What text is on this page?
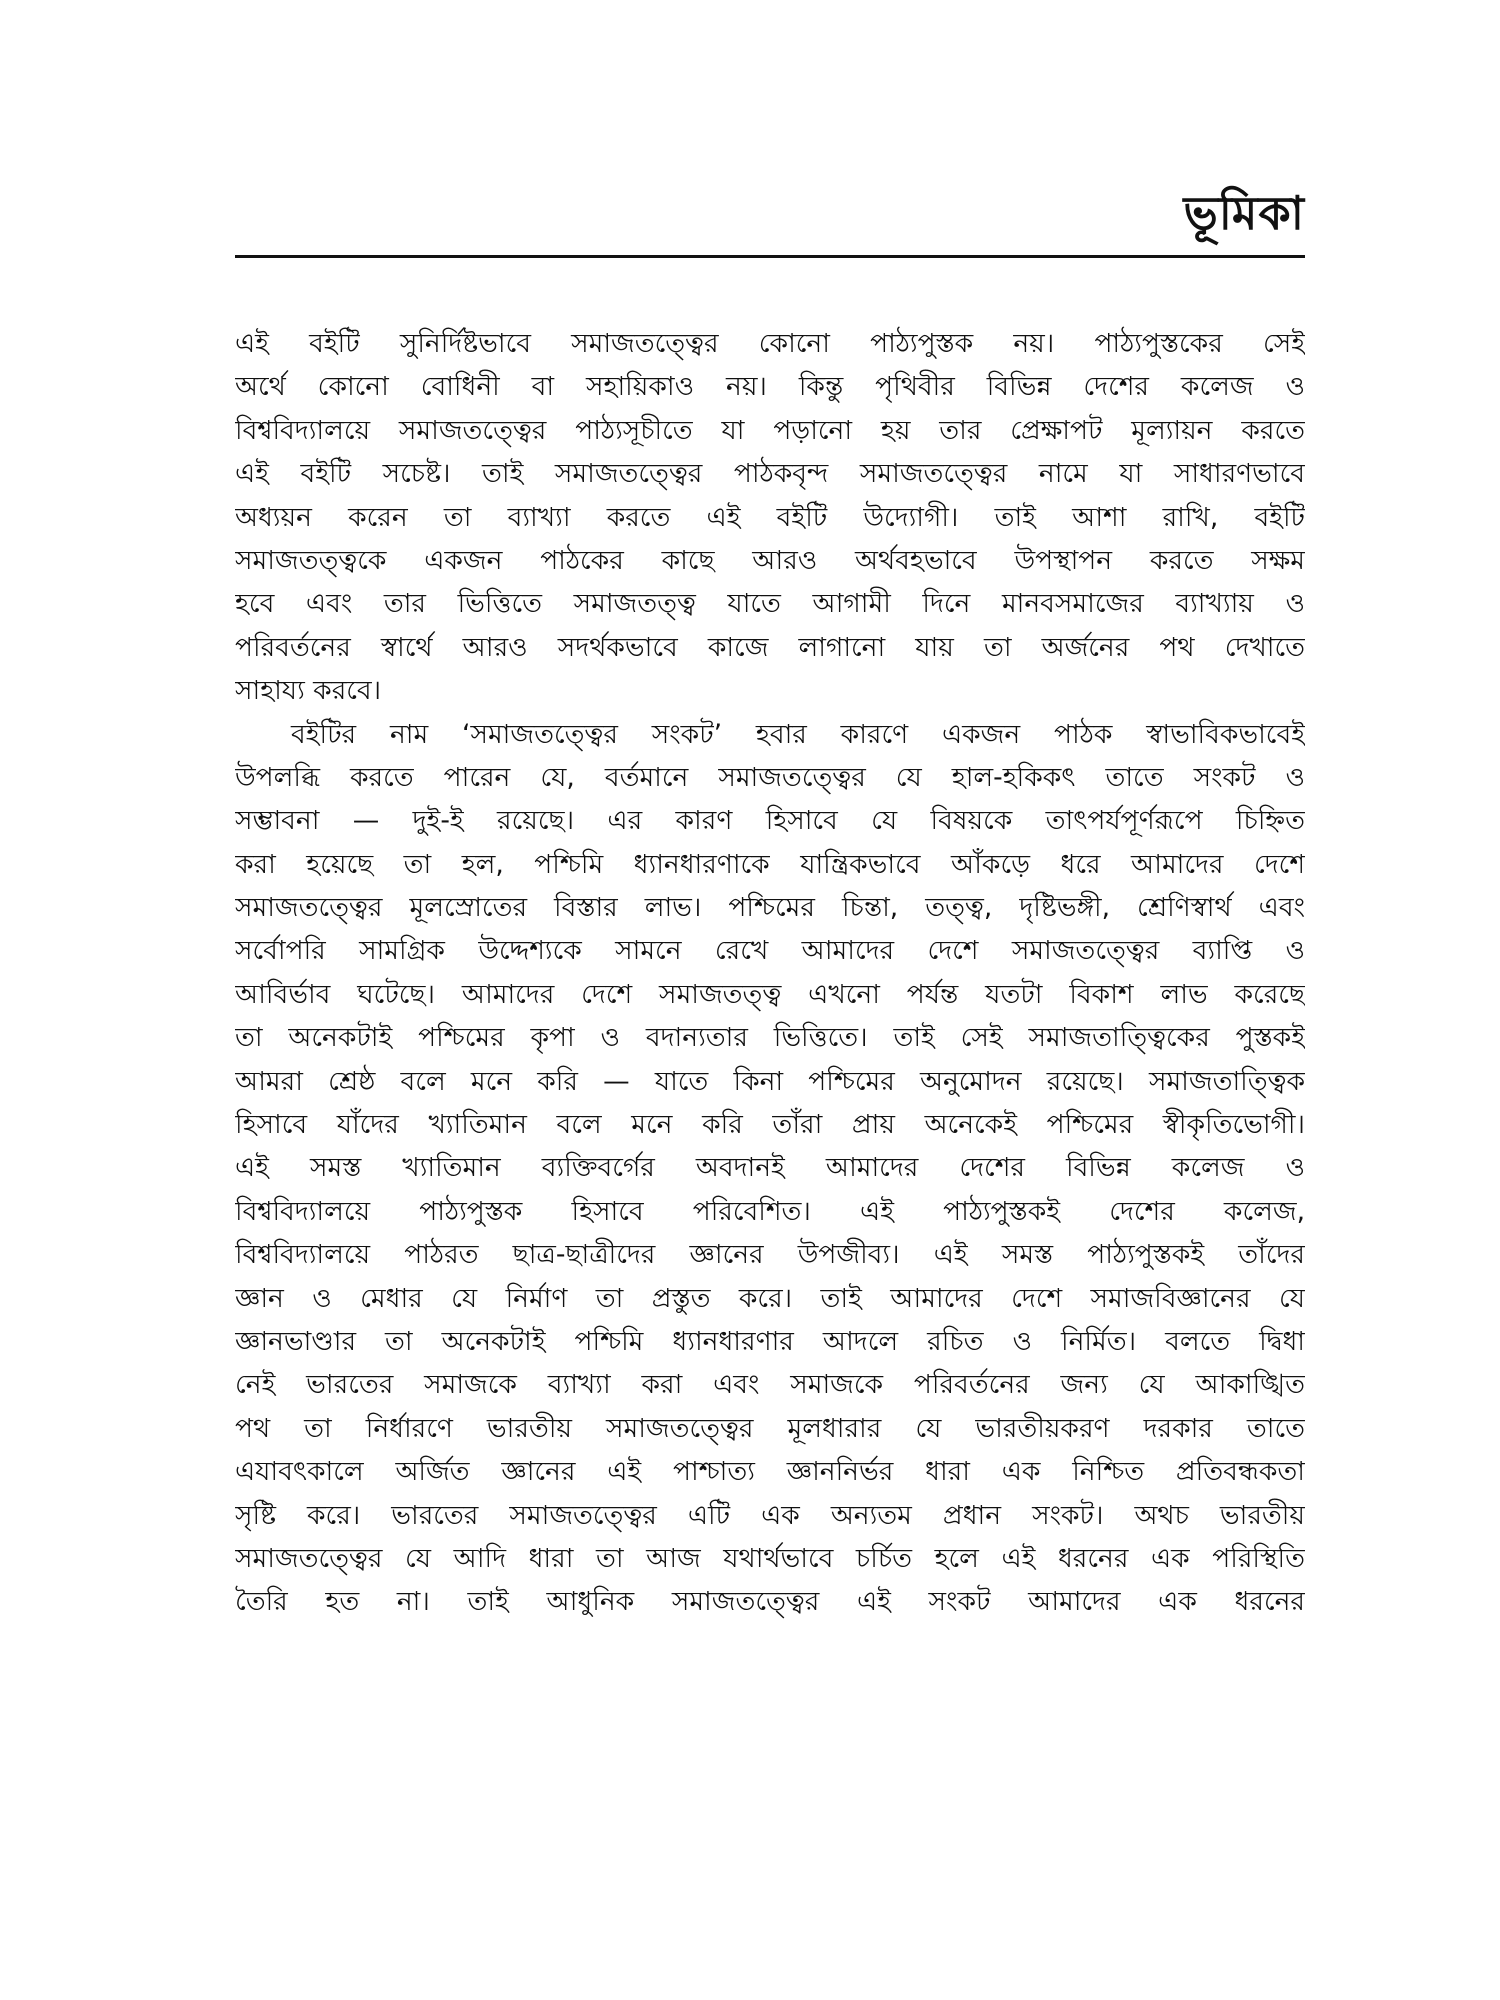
ভূমিকা
এই বইটি সুনির্দিষ্টভাবে সমাজতত্ত্বের কোনো পাঠ্যপুস্তক নয়। পাঠ্যপুস্তকের সেই
অর্থে কোনো বোধিনী বা সহায়িকাও নয়। কিন্তু পৃথিবীর বিভিন্ন দেশের কলেজ ও
বিশ্ববিদ্যালয়ে সমাজতত্ত্বের পাঠ্যসূচীতে যা পড়ানো হয় তার প্রেক্ষাপট মূল্যায়ন করতে
এই বইটি সচেষ্ট। তাই সমাজতত্ত্বের পাঠকবৃন্দ সমাজতত্ত্বের নামে যা সাধারণভাবে
অধ্যয়ন করেন তা ব্যাখ্যা করতে এই বইটি উদ্যোগী। তাই আশা রাখি, বইটি
সমাজতত্ত্বকে একজন পাঠকের কাছে আরও অর্থবহভাবে উপস্থাপন করতে সক্ষম
হবে এবং তার ভিত্তিতে সমাজতত্ত্ব যাতে আগামী দিনে মানবসমাজের ব্যাখ্যায় ও
পরিবর্তনের স্বার্থে আরও সদর্থকভাবে কাজে লাগানো যায় তা অর্জনের পথ দেখাতে
সাহায্য করবে।
বইটির নাম ‘সমাজতত্ত্বের সংকট’ হবার কারণে একজন পাঠক স্বাভাবিকভাবেই
উপলব্ধি করতে পারেন যে, বর্তমানে সমাজতত্ত্বের যে হাল-হকিকৎ তাতে সংকট ও
সম্ভাবনা — দুই-ই রয়েছে। এর কারণ হিসাবে যে বিষয়কে তাৎপর্যপূর্ণরূপে চিহ্নিত
করা হয়েছে তা হল, পশ্চিমি ধ্যানধারণাকে যান্ত্রিকভাবে আঁকড়ে ধরে আমাদের দেশে
সমাজতত্ত্বের মূলস্রোতের বিস্তার লাভ। পশ্চিমের চিন্তা, তত্ত্ব, দৃষ্টিভঙ্গী, শ্রেণিস্বার্থ এবং
সর্বোপরি সামগ্রিক উদ্দেশ্যকে সামনে রেখে আমাদের দেশে সমাজতত্ত্বের ব্যাপ্তি ও
আবির্ভাব ঘটেছে। আমাদের দেশে সমাজতত্ত্ব এখনো পর্যন্ত যতটা বিকাশ লাভ করেছে
তা অনেকটাই পশ্চিমের কৃপা ও বদান্যতার ভিত্তিতে। তাই সেই সমাজতাত্ত্বিকের পুস্তকই
আমরা শ্রেষ্ঠ বলে মনে করি — যাতে কিনা পশ্চিমের অনুমোদন রয়েছে। সমাজতাত্ত্বিক
হিসাবে যাঁদের খ্যাতিমান বলে মনে করি তাঁরা প্রায় অনেকেই পশ্চিমের স্বীকৃতিভোগী।
এই সমস্ত খ্যাতিমান ব্যক্তিবর্গের অবদানই আমাদের দেশের বিভিন্ন কলেজ ও
বিশ্ববিদ্যালয়ে পাঠ্যপুস্তক হিসাবে পরিবেশিত। এই পাঠ্যপুস্তকই দেশের কলেজ,
বিশ্ববিদ্যালয়ে পাঠরত ছাত্র-ছাত্রীদের জ্ঞানের উপজীব্য। এই সমস্ত পাঠ্যপুস্তকই তাঁদের
জ্ঞান ও মেধার যে নির্মাণ তা প্রস্তুত করে। তাই আমাদের দেশে সমাজবিজ্ঞানের যে
জ্ঞানভাণ্ডার তা অনেকটাই পশ্চিমি ধ্যানধারণার আদলে রচিত ও নির্মিত। বলতে দ্বিধা
নেই ভারতের সমাজকে ব্যাখ্যা করা এবং সমাজকে পরিবর্তনের জন্য যে আকাঙ্খিত
পথ তা নির্ধারণে ভারতীয় সমাজতত্ত্বের মূলধারার যে ভারতীয়করণ দরকার তাতে
এযাবৎকালে অর্জিত জ্ঞানের এই পাশ্চাত্য জ্ঞাননির্ভর ধারা এক নিশ্চিত প্রতিবন্ধকতা
সৃষ্টি করে। ভারতের সমাজতত্ত্বের এটি এক অন্যতম প্রধান সংকট। অথচ ভারতীয়
সমাজতত্ত্বের যে আদি ধারা তা আজ যথার্থভাবে চর্চিত হলে এই ধরনের এক পরিস্থিতি
তৈরি হত না। তাই আধুনিক সমাজতত্ত্বের এই সংকট আমাদের এক ধরনের
